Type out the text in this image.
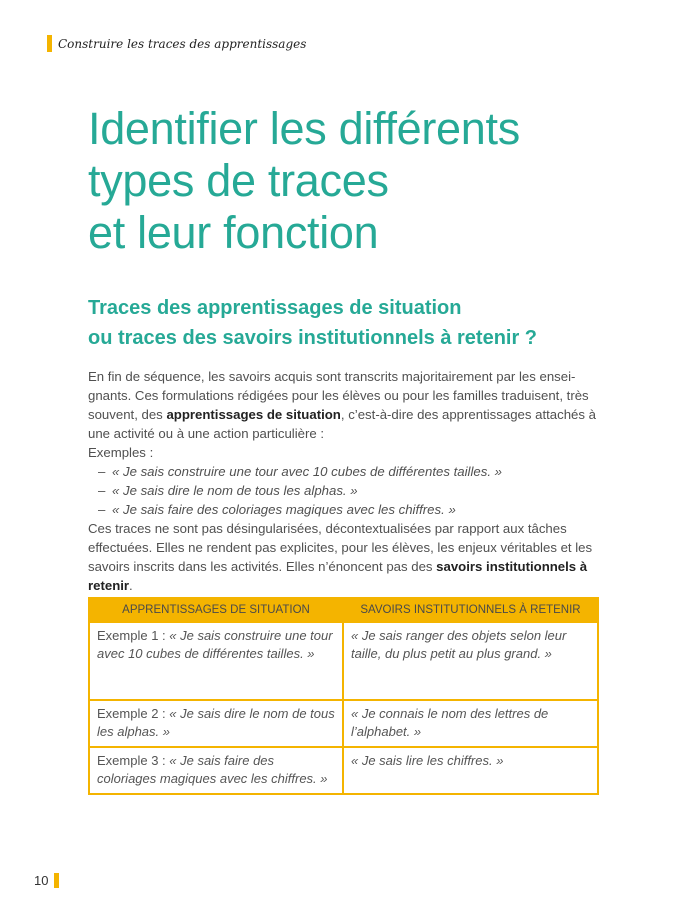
Construire les traces des apprentissages
Identifier les différents
types de traces
et leur fonction
Traces des apprentissages de situation
ou traces des savoirs institutionnels à retenir ?

En fin de séquence, les savoirs acquis sont transcrits majoritairement par les enseignants. Ces formulations rédigées pour les élèves ou pour les familles traduisent, très souvent, des apprentissages de situation, c’est-à-dire des apprentissages attachés à une activité ou à une action particulière :

Exemples :

– « Je sais construire une tour avec 10 cubes de différentes tailles. »
– « Je sais dire le nom de tous les alphas. »
– « Je sais faire des coloriages magiques avec les chiffres. »

Ces traces ne sont pas désingularisées, décontextualisées par rapport aux tâches effectuées. Elles ne rendent pas explicites, pour les élèves, les enjeux véritables et les savoirs inscrits dans les activités. Elles n’énoncent pas des savoirs institutionnels à retenir.

APPRENTISSAGES DE SITUATION	SAVOIRS INSTITUTIONNELS À RETENIR
Exemple 1 : « Je sais construire une tour avec 10 cubes de différentes tailles. »	« Je sais ranger des objets selon leur taille, du plus petit au plus grand. »
Exemple 2 : « Je sais dire le nom de tous les alphas. »	« Je connais le nom des lettres de l’alphabet. »
Exemple 3 : « Je sais faire des coloriages magiques avec les chiffres. »	« Je sais lire les chiffres. »
10
